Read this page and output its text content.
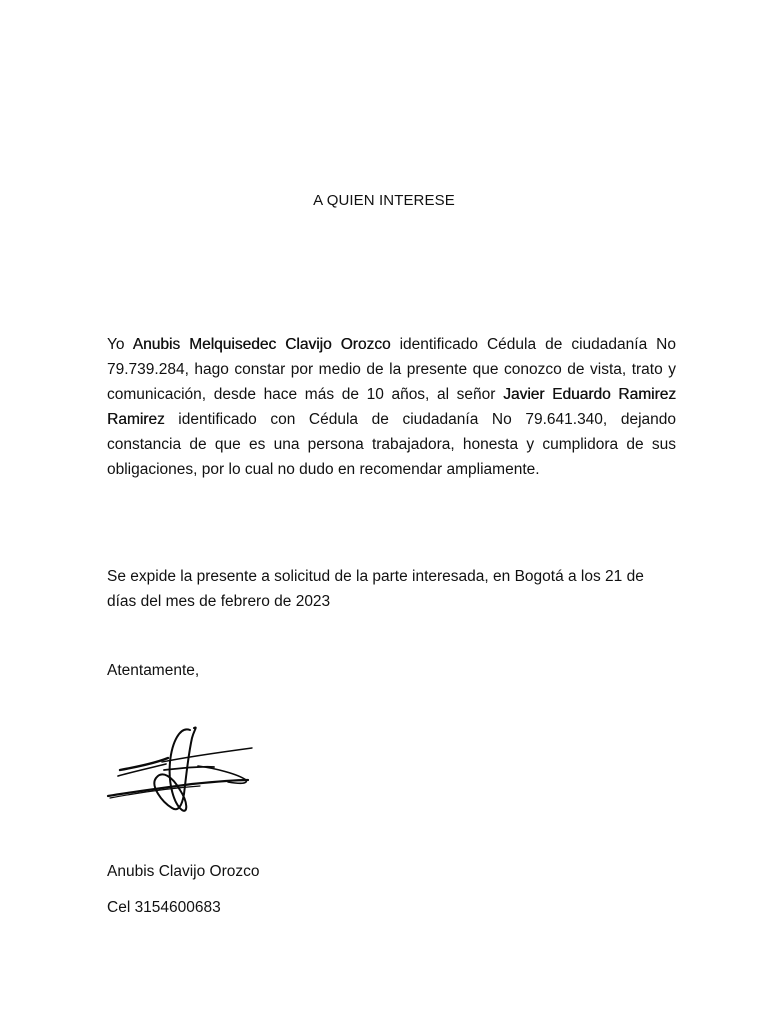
A QUIEN INTERESE

Yo Anubis Melquisedec Clavijo Orozco identificado Cédula de ciudadanía No 79.739.284, hago constar por medio de la presente que conozco de vista, trato y comunicación, desde hace más de 10 años, al señor Javier Eduardo Ramirez Ramirez identificado con Cédula de ciudadanía No 79.641.340, dejando constancia de que es una persona trabajadora, honesta y cumplidora de sus obligaciones, por lo cual no dudo en recomendar ampliamente.

Se expide la presente a solicitud de la parte interesada, en Bogotá a los 21 de días del mes de febrero de 2023

Atentamente,

Anubis Clavijo Orozco

Cel 3154600683
